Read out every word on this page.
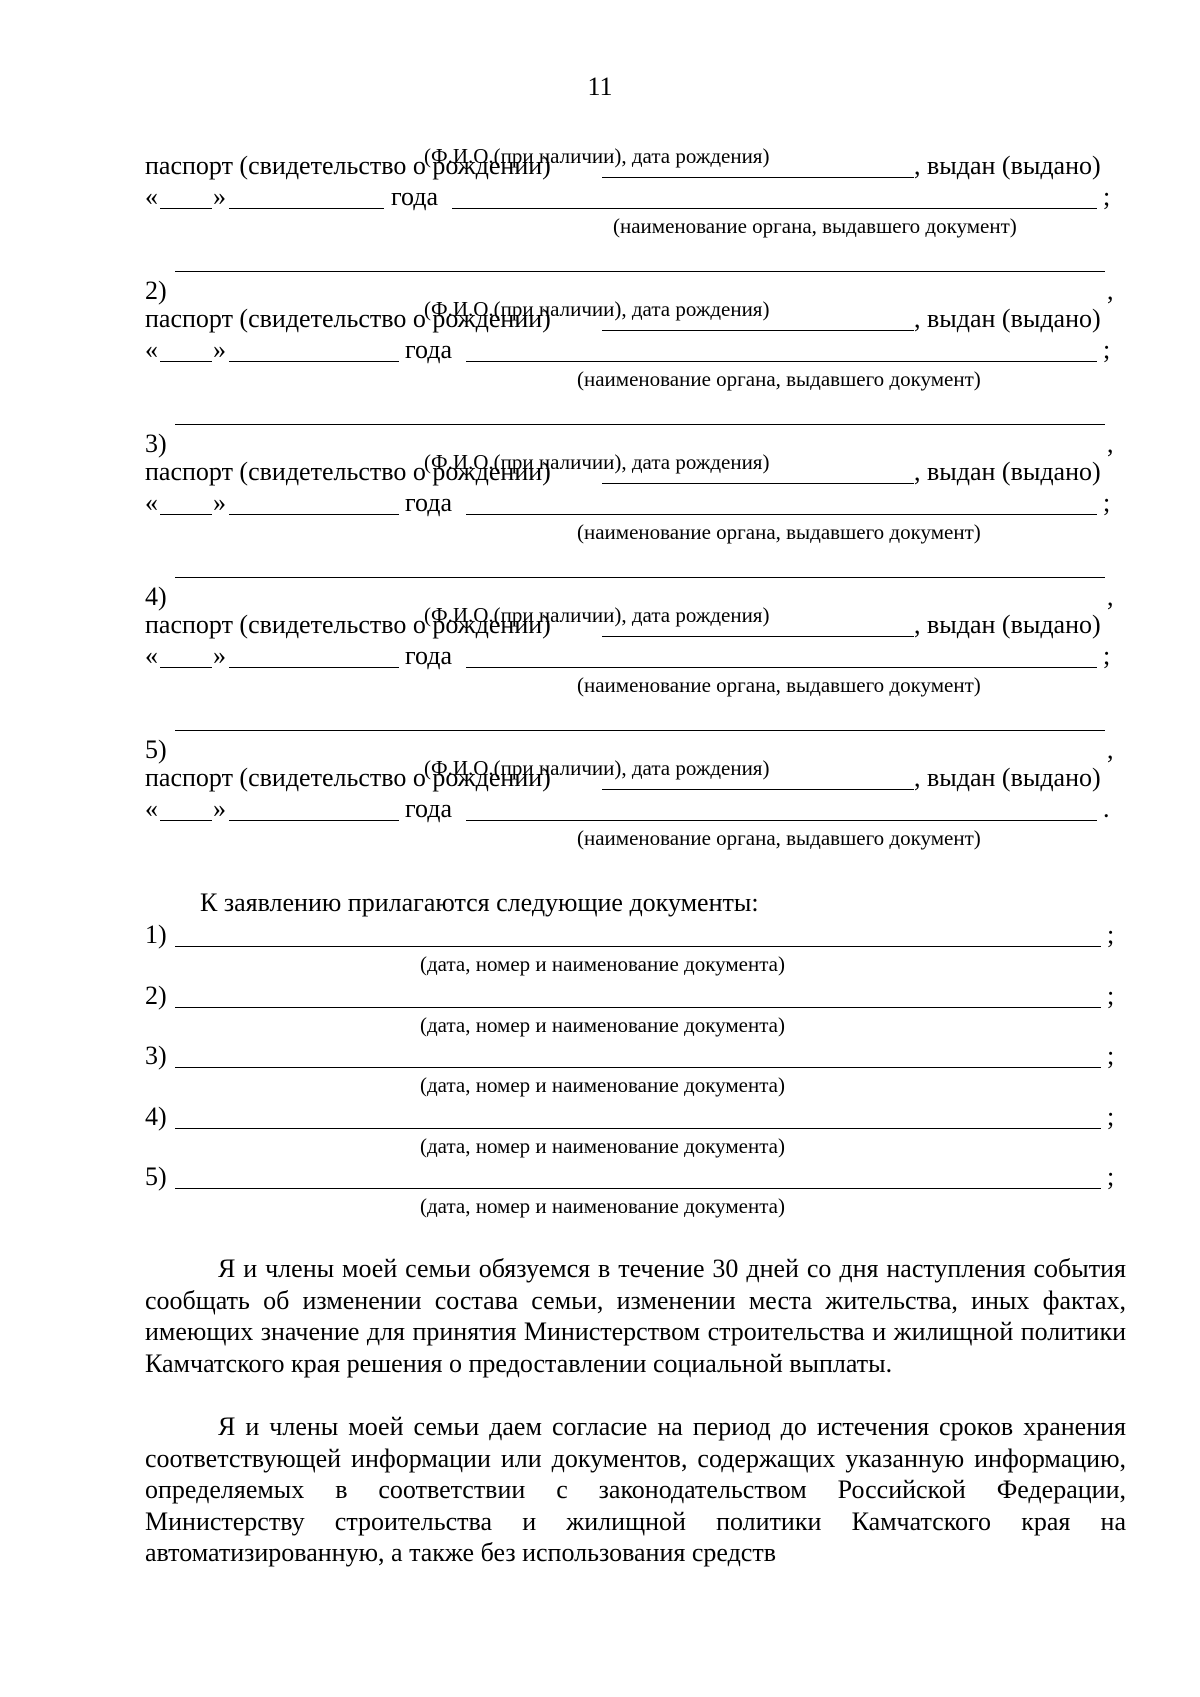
11
(Ф.И.О.(при наличии), дата рождения)
паспорт (свидетельство о рождении)	, выдан (выдано)
« »	года	;
(наименование органа, выдавшего документ)
2)	,
(Ф.И.О.(при наличии), дата рождения)
паспорт (свидетельство о рождении)	, выдан (выдано)
« »	года	;
(наименование органа, выдавшего документ)
3)	,
(Ф.И.О.(при наличии), дата рождения)
паспорт (свидетельство о рождении)	, выдан (выдано)
« »	года	;
(наименование органа, выдавшего документ)
4)	,
(Ф.И.О.(при наличии), дата рождения)
паспорт (свидетельство о рождении)	, выдан (выдано)
« »	года	;
(наименование органа, выдавшего документ)
5)	,
(Ф.И.О.(при наличии), дата рождения)
паспорт (свидетельство о рождении)	, выдан (выдано)
« »	года	.
(наименование органа, выдавшего документ)
К заявлению прилагаются следующие документы:
1)	;
(дата, номер и наименование документа)
2)	;
(дата, номер и наименование документа)
3)	;
(дата, номер и наименование документа)
4)	;
(дата, номер и наименование документа)
5)	;
(дата, номер и наименование документа)

Я и члены моей семьи обязуемся в течение 30 дней со дня наступления события сообщать об изменении состава семьи, изменении места жительства, иных фактах, имеющих значение для принятия Министерством строительства и жилищной политики Камчатского края решения о предоставлении социальной выплаты.

Я и члены моей семьи даем согласие на период до истечения сроков хранения соответствующей информации или документов, содержащих указанную информацию, определяемых в соответствии с законодательством Российской Федерации, Министерству строительства и жилищной политики Камчатского края на автоматизированную, а также без использования средств
